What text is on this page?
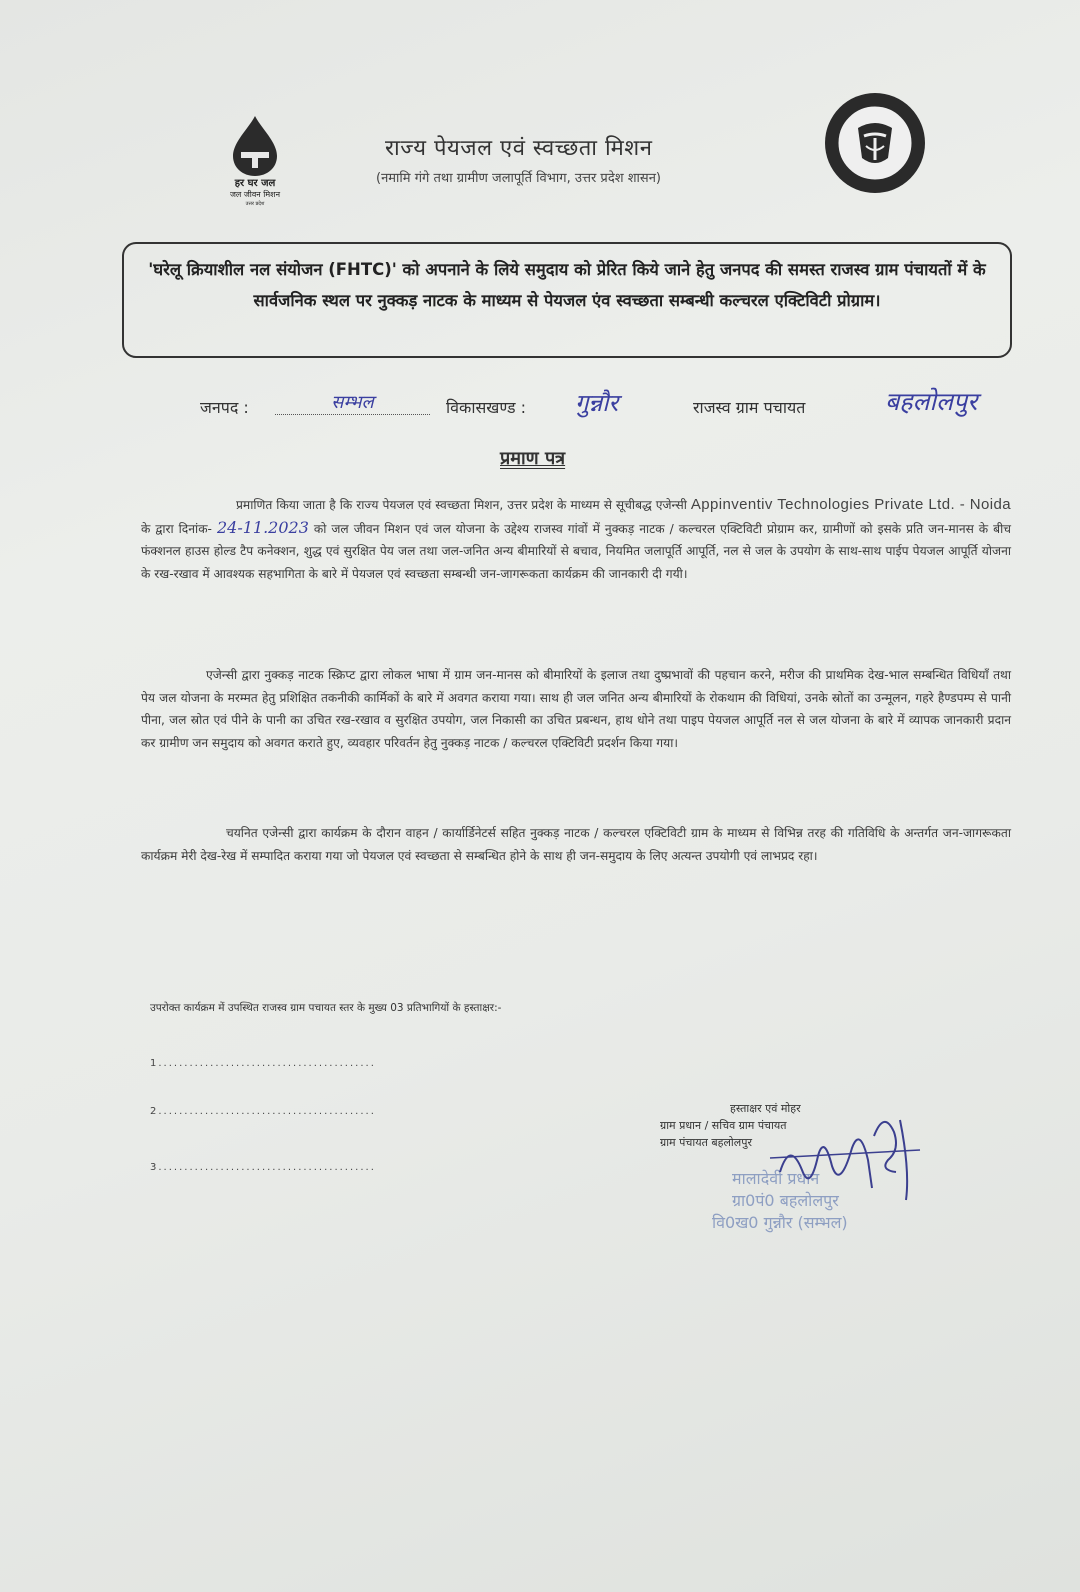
हर घर जल
जल जीवन मिशन
उत्तर प्रदेश
राज्य पेयजल एवं स्वच्छता मिशन
(नमामि गंगे तथा ग्रामीण जलापूर्ति विभाग, उत्तर प्रदेश शासन)
'घरेलू क्रियाशील नल संयोजन (FHTC)' को अपनाने के लिये समुदाय को प्रेरित किये जाने हेतु जनपद की समस्त राजस्व ग्राम पंचायतों में के सार्वजनिक स्थल पर नुक्कड़ नाटक के माध्यम से पेयजल एंव स्वच्छता सम्बन्धी कल्चरल एक्टिविटी प्रोग्राम।
जनपद :	सम्भल	विकासखण्ड : गुन्नौर	राजस्व ग्राम पचायत	बहलोलपुर
प्रमाण पत्र

प्रमाणित किया जाता है कि राज्य पेयजल एवं स्वच्छता मिशन, उत्तर प्रदेश के माध्यम से सूचीबद्ध एजेन्सी Appinventiv Technologies Private Ltd. - Noida के द्वारा दिनांक- 24-11.2023 को जल जीवन मिशन एवं जल योजना के उद्देश्य राजस्व गांवों में नुक्कड़ नाटक / कल्चरल एक्टिविटी प्रोग्राम कर, ग्रामीणों को इसके प्रति जन-मानस के बीच फंक्शनल हाउस होल्ड टैप कनेक्शन, शुद्ध एवं सुरक्षित पेय जल तथा जल-जनित अन्य बीमारियों से बचाव, नियमित जलापूर्ति आपूर्ति, नल से जल के उपयोग के साथ-साथ पाईप पेयजल आपूर्ति योजना के रख-रखाव में आवश्यक सहभागिता के बारे में पेयजल एवं स्वच्छता सम्बन्धी जन-जागरूकता कार्यक्रम की जानकारी दी गयी।

एजेन्सी द्वारा नुक्कड़ नाटक स्क्रिप्ट द्वारा लोकल भाषा में ग्राम जन-मानस को बीमारियों के इलाज तथा दुष्प्रभावों की पहचान करने, मरीज की प्राथमिक देख-भाल सम्बन्धित विधियाँ तथा पेय जल योजना के मरम्मत हेतु प्रशिक्षित तकनीकी कार्मिकों के बारे में अवगत कराया गया। साथ ही जल जनित अन्य बीमारियों के रोकथाम की विधियां, उनके स्रोतों का उन्मूलन, गहरे हैण्डपम्प से पानी पीना, जल स्रोत एवं पीने के पानी का उचित रख-रखाव व सुरक्षित उपयोग, जल निकासी का उचित प्रबन्धन, हाथ धोने तथा पाइप पेयजल आपूर्ति नल से जल योजना के बारे में व्यापक जानकारी प्रदान कर ग्रामीण जन समुदाय को अवगत कराते हुए, व्यवहार परिवर्तन हेतु नुक्कड़ नाटक / कल्चरल एक्टिविटी प्रदर्शन किया गया।

चयनित एजेन्सी द्वारा कार्यक्रम के दौरान वाहन / कार्यार्डिनेटर्स सहित नुक्कड़ नाटक / कल्चरल एक्टिविटी ग्राम के माध्यम से विभिन्न तरह की गतिविधि के अन्तर्गत जन-जागरूकता कार्यक्रम मेरी देख-रेख में सम्पादित कराया गया जो पेयजल एवं स्वच्छता से सम्बन्धित होने के साथ ही जन-समुदाय के लिए अत्यन्त उपयोगी एवं लाभप्रद रहा।

उपरोक्त कार्यक्रम में उपस्थित राजस्व ग्राम पचायत स्तर के मुख्य 03 प्रतिभागियों के हस्ताक्षर:-
1..........................................
2..........................................
3..........................................
हस्ताक्षर एवं मोहर
ग्राम प्रधान / सचिव ग्राम पंचायत
ग्राम पंचायत बहलोलपुर
मालादेवी प्रधान
ग्रा0पं0 बहलोलपुर
वि0ख0 गुन्नौर (सम्भल)
